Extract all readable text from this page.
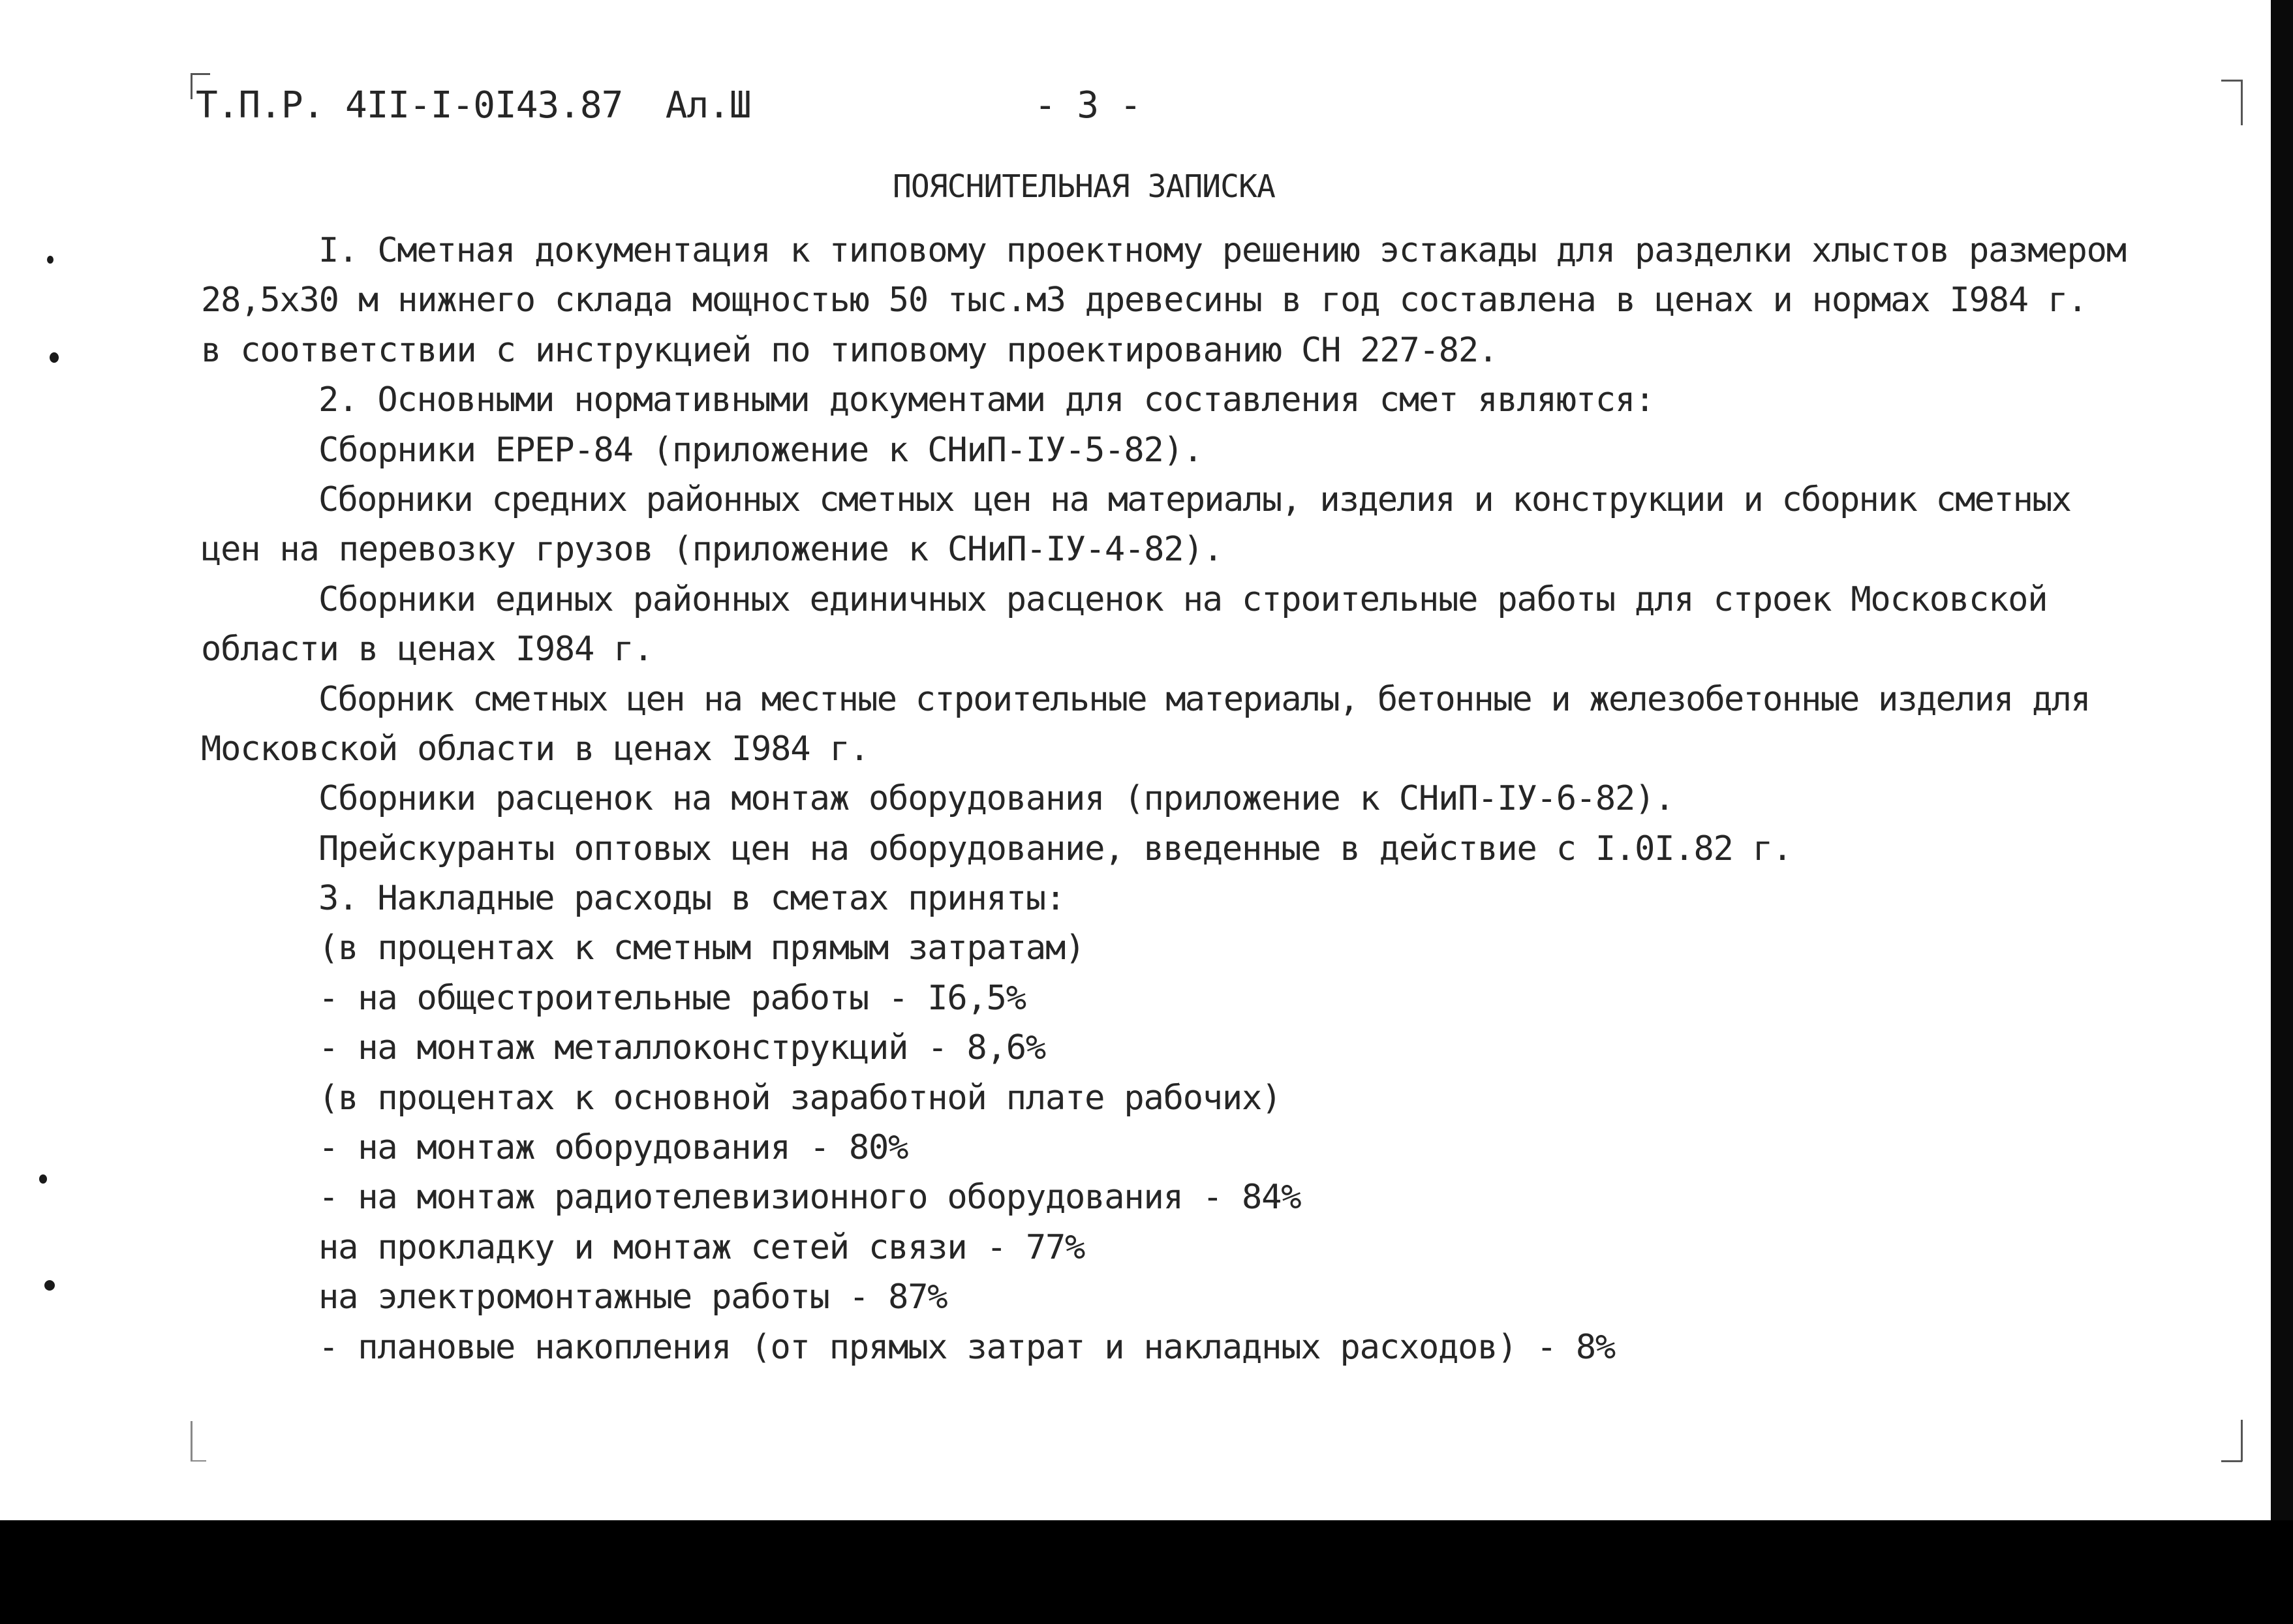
Т.П.Р. 4II-I-0I43.87  Ал.Ш	- 3 -
ПОЯСНИТЕЛЬНАЯ ЗАПИСКА
I. Сметная документация к типовому проектному решению эстакады для разделки хлыстов размером
28,5х30 м нижнего склада мощностью 50 тыс.м3 древесины в год составлена в ценах и нормах I984 г.
в соответствии с инструкцией по типовому проектированию СН 227-82.
2. Основными нормативными документами для составления смет являются:
Сборники ЕРЕР-84 (приложение к СНиП-IУ-5-82).
Сборники средних районных сметных цен на материалы, изделия и конструкции и сборник сметных
цен на перевозку грузов (приложение к СНиП-IУ-4-82).
Сборники единых районных единичных расценок на строительные работы для строек Московской
области в ценах I984 г.
Сборник сметных цен на местные строительные материалы, бетонные и железобетонные изделия для
Московской области в ценах I984 г.
Сборники расценок на монтаж оборудования (приложение к СНиП-IУ-6-82).
Прейскуранты оптовых цен на оборудование, введенные в действие с I.0I.82 г.
3. Накладные расходы в сметах приняты:
(в процентах к сметным прямым затратам)
- на общестроительные работы - I6,5%
- на монтаж металлоконструкций - 8,6%
(в процентах к основной заработной плате рабочих)
- на монтаж оборудования - 80%
- на монтаж радиотелевизионного оборудования - 84%
на прокладку и монтаж сетей связи - 77%
на электромонтажные работы - 87%
- плановые накопления (от прямых затрат и накладных расходов) - 8%
